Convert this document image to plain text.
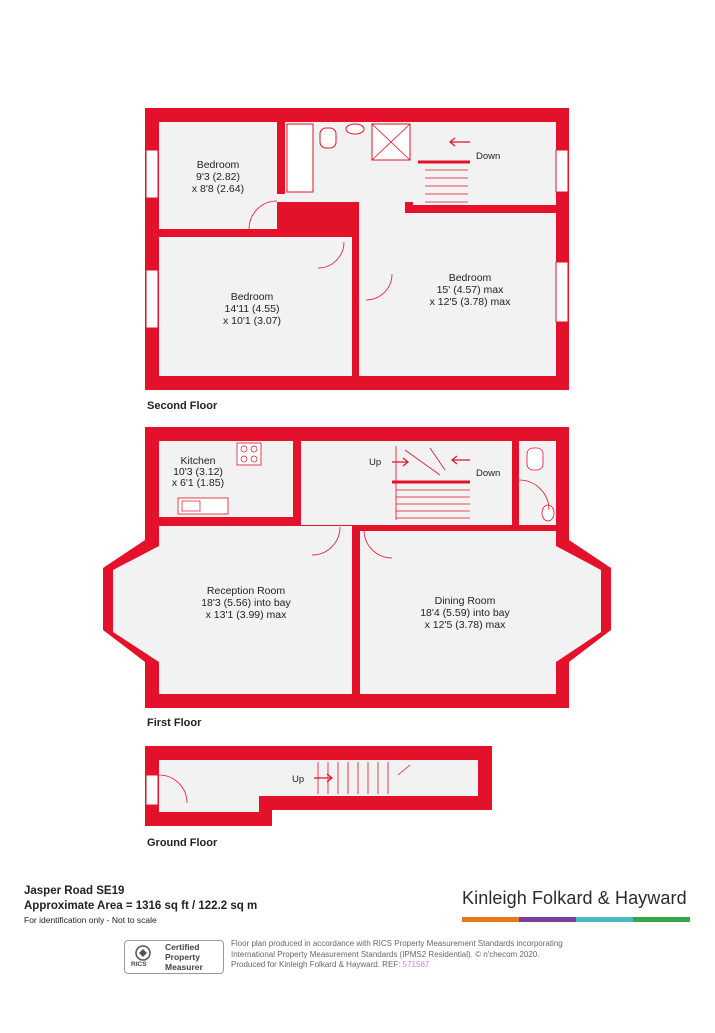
Down
Bedroom
9'3 (2.82)
x 8'8 (2.64)
Bedroom
14'11 (4.55)
x 10'1 (3.07)
Bedroom
15' (4.57) max
x 12'5 (3.78) max
Second Floor
Up
Down
Kitchen
10'3 (3.12)
x 6'1 (1.85)
Reception Room
18'3 (5.56) into bay
x 13'1 (3.99) max
Dining Room
18'4 (5.59) into bay
x 12'5 (3.78) max
First Floor
Up
Ground Floor
Jasper Road SE19
Approximate Area = 1316 sq ft / 122.2 sq m
For identification only - Not to scale
Kinleigh Folkard & Hayward
RICS
Certified
Property
Measurer
Floor plan produced in accordance with RICS Property Measurement Standards incorporating
International Property Measurement Standards (IPMS2 Residential). © n'checom 2020.
Produced for Kinleigh Folkard & Hayward. REF: 571567
